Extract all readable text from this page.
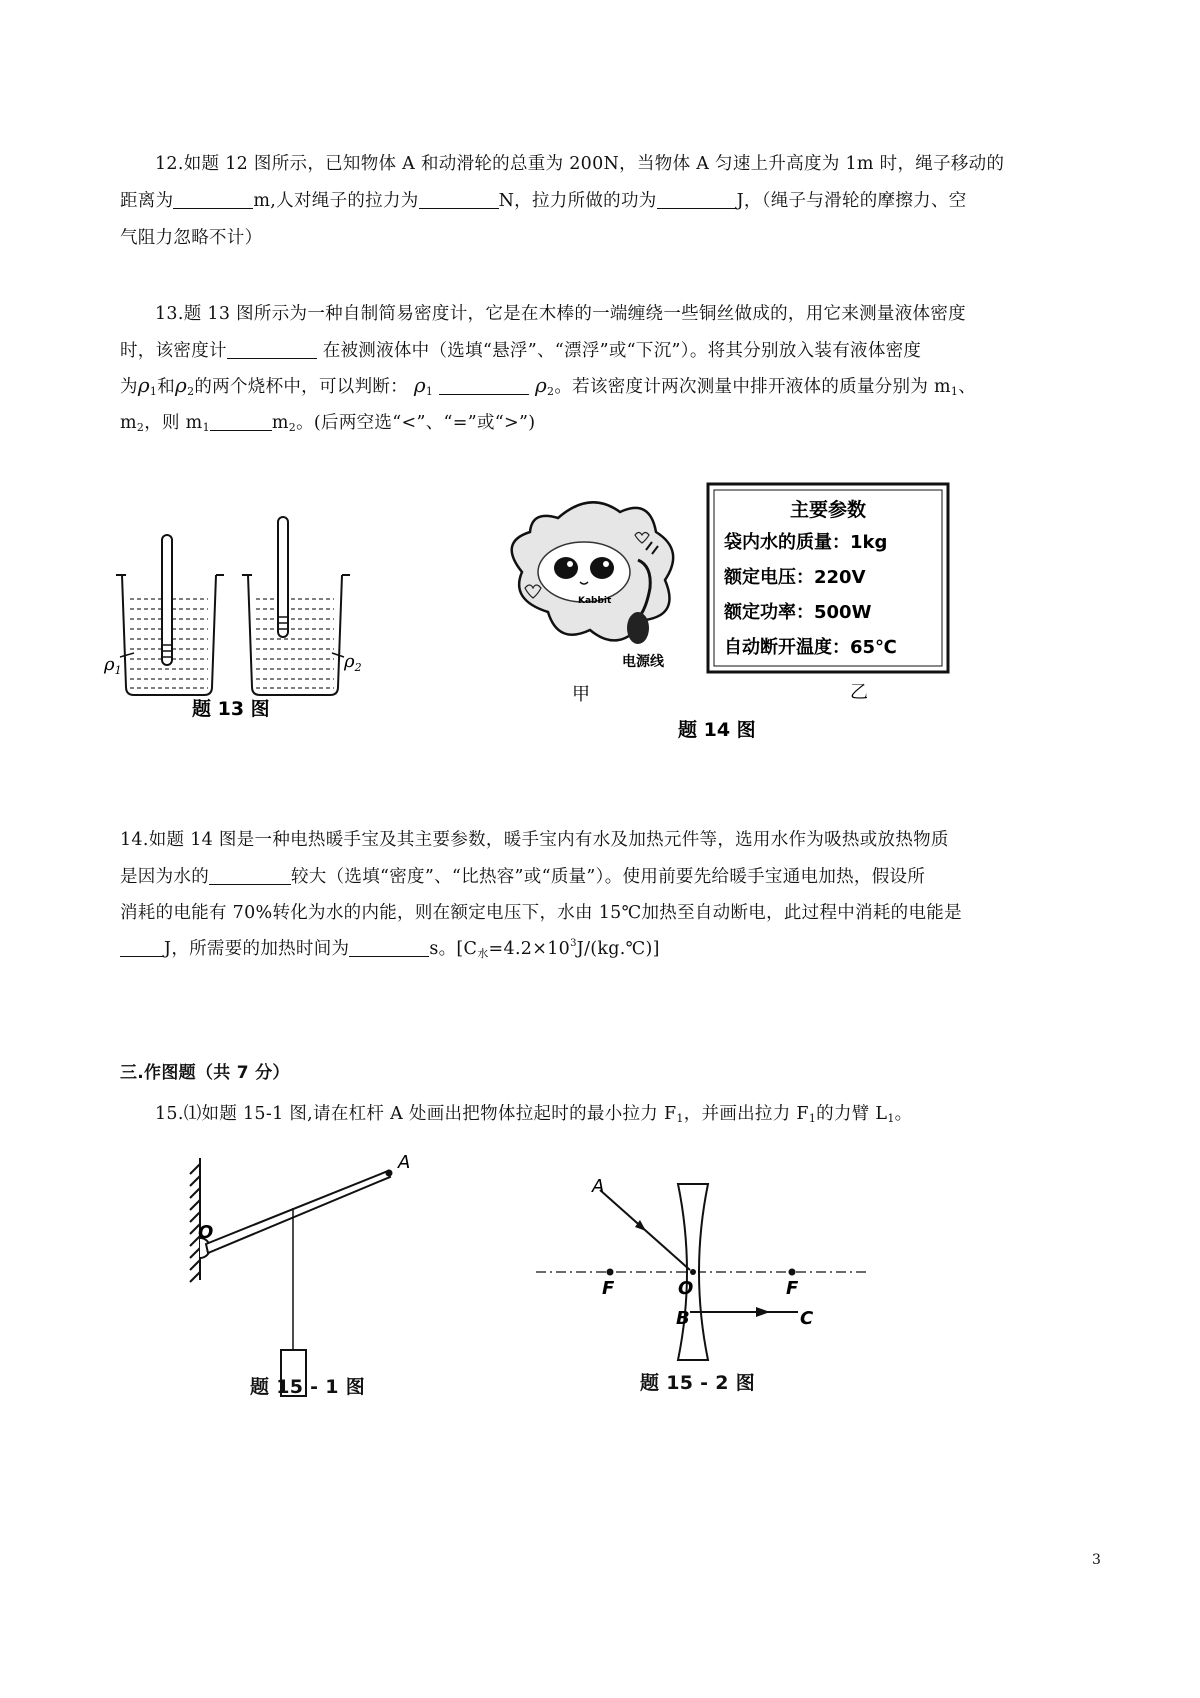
12.如题 12 图所示，已知物体 A 和动滑轮的总重为 200N，当物体 A 匀速上升高度为 1m 时，绳子移动的
距离为	m,人对绳子的拉力为	N，拉力所做的功为	J，（绳子与滑轮的摩擦力、空
气阻力忽略不计）
13.题 13 图所示为一种自制简易密度计，它是在木棒的一端缠绕一些铜丝做成的，用它来测量液体密度
时，该密度计	在被测液体中（选填“悬浮”、“漂浮”或“下沉”）。将其分别放入装有液体密度
为$\rho_1$和$\rho_2$的两个烧杯中，可以判断： $\rho_1$	$\rho_2$。若该密度计两次测量中排开液体的质量分别为 $m_1$、
$m_2$，则 $m_1$	$m_2$。(后两空选“<”、“=”或“>”)
$\rho_1$	$\rho_2$
题 13 图
Kabbit
电源线
甲
主要参数
袋内水的质量：1kg
额定电压：220V
额定功率：500W
自动断开温度：65℃
乙
题 14 图
14.如题 14 图是一种电热暖手宝及其主要参数，暖手宝内有水及加热元件等，选用水作为吸热或放热物质
是因为水的	较大（选填“密度”、“比热容”或“质量”）。使用前要先给暖手宝通电加热，假设所
消耗的电能有 70%转化为水的内能，则在额定电压下，水由 15℃加热至自动断电，此过程中消耗的电能是
J，所需要的加热时间为	s。$[C_水=4.2\times 10^3J/(kg.℃)]$
三.作图题（共 7 分）
15.⑴如题 15-1 图,请在杠杆 A 处画出把物体拉起时的最小拉力 $F_1$，并画出拉力 $F_1$的力臂 $L_1$。
A
O
题 15 - 1 图
A
F	O	F
B	C
题 15 - 2 图
3
